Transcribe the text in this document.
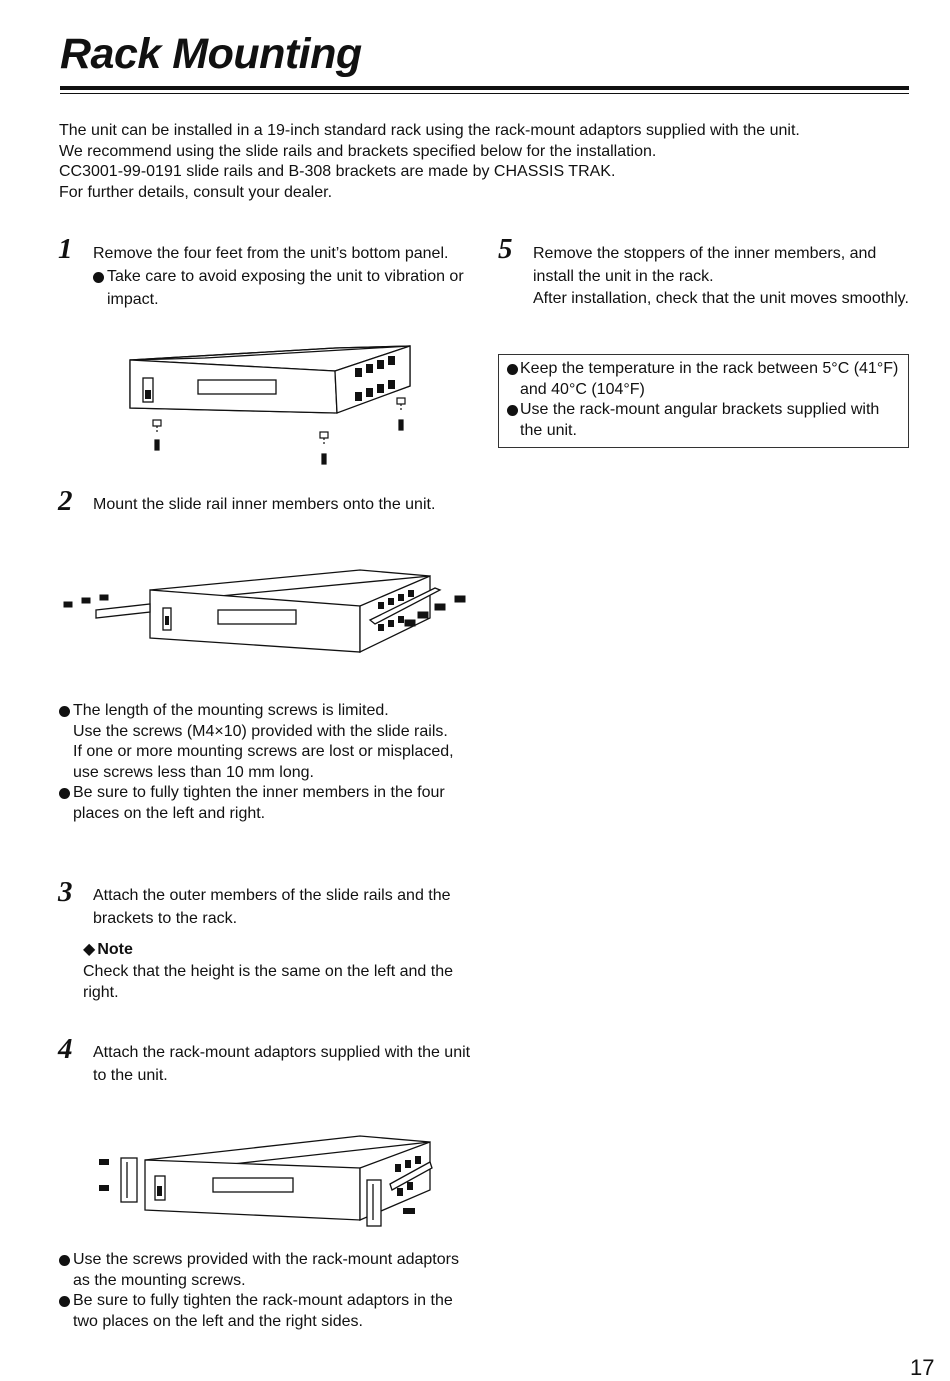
Rack Mounting

The unit can be installed in a 19-inch standard rack using the rack-mount adaptors supplied with the unit.

We recommend using the slide rails and brackets specified below for the installation.

CC3001-99-0191 slide rails and B-308 brackets are made by CHASSIS TRAK.

For further details, consult your dealer.

1 Remove the four feet from the unit’s bottom panel.

Take care to avoid exposing the unit to vibration or impact.

2 Mount the slide rail inner members onto the unit.

The length of the mounting screws is limited.

Use the screws (M4×10) provided with the slide rails.

If one or more mounting screws are lost or misplaced, use screws less than 10 mm long.

Be sure to fully tighten the inner members in the four places on the left and right.

3 Attach the outer members of the slide rails and the brackets to the rack.

◆ Note
Check that the height is the same on the left and the right.
4 Attach the rack-mount adaptors supplied with the unit to the unit.

Use the screws provided with the rack-mount adaptors as the mounting screws.

Be sure to fully tighten the rack-mount adaptors in the two places on the left and the right sides.

5 Remove the stoppers of the inner members, and install the unit in the rack.

After installation, check that the unit moves smoothly.

Keep the temperature in the rack between 5°C (41°F) and 40°C (104°F)

Use the rack-mount angular brackets supplied with the unit.

17
